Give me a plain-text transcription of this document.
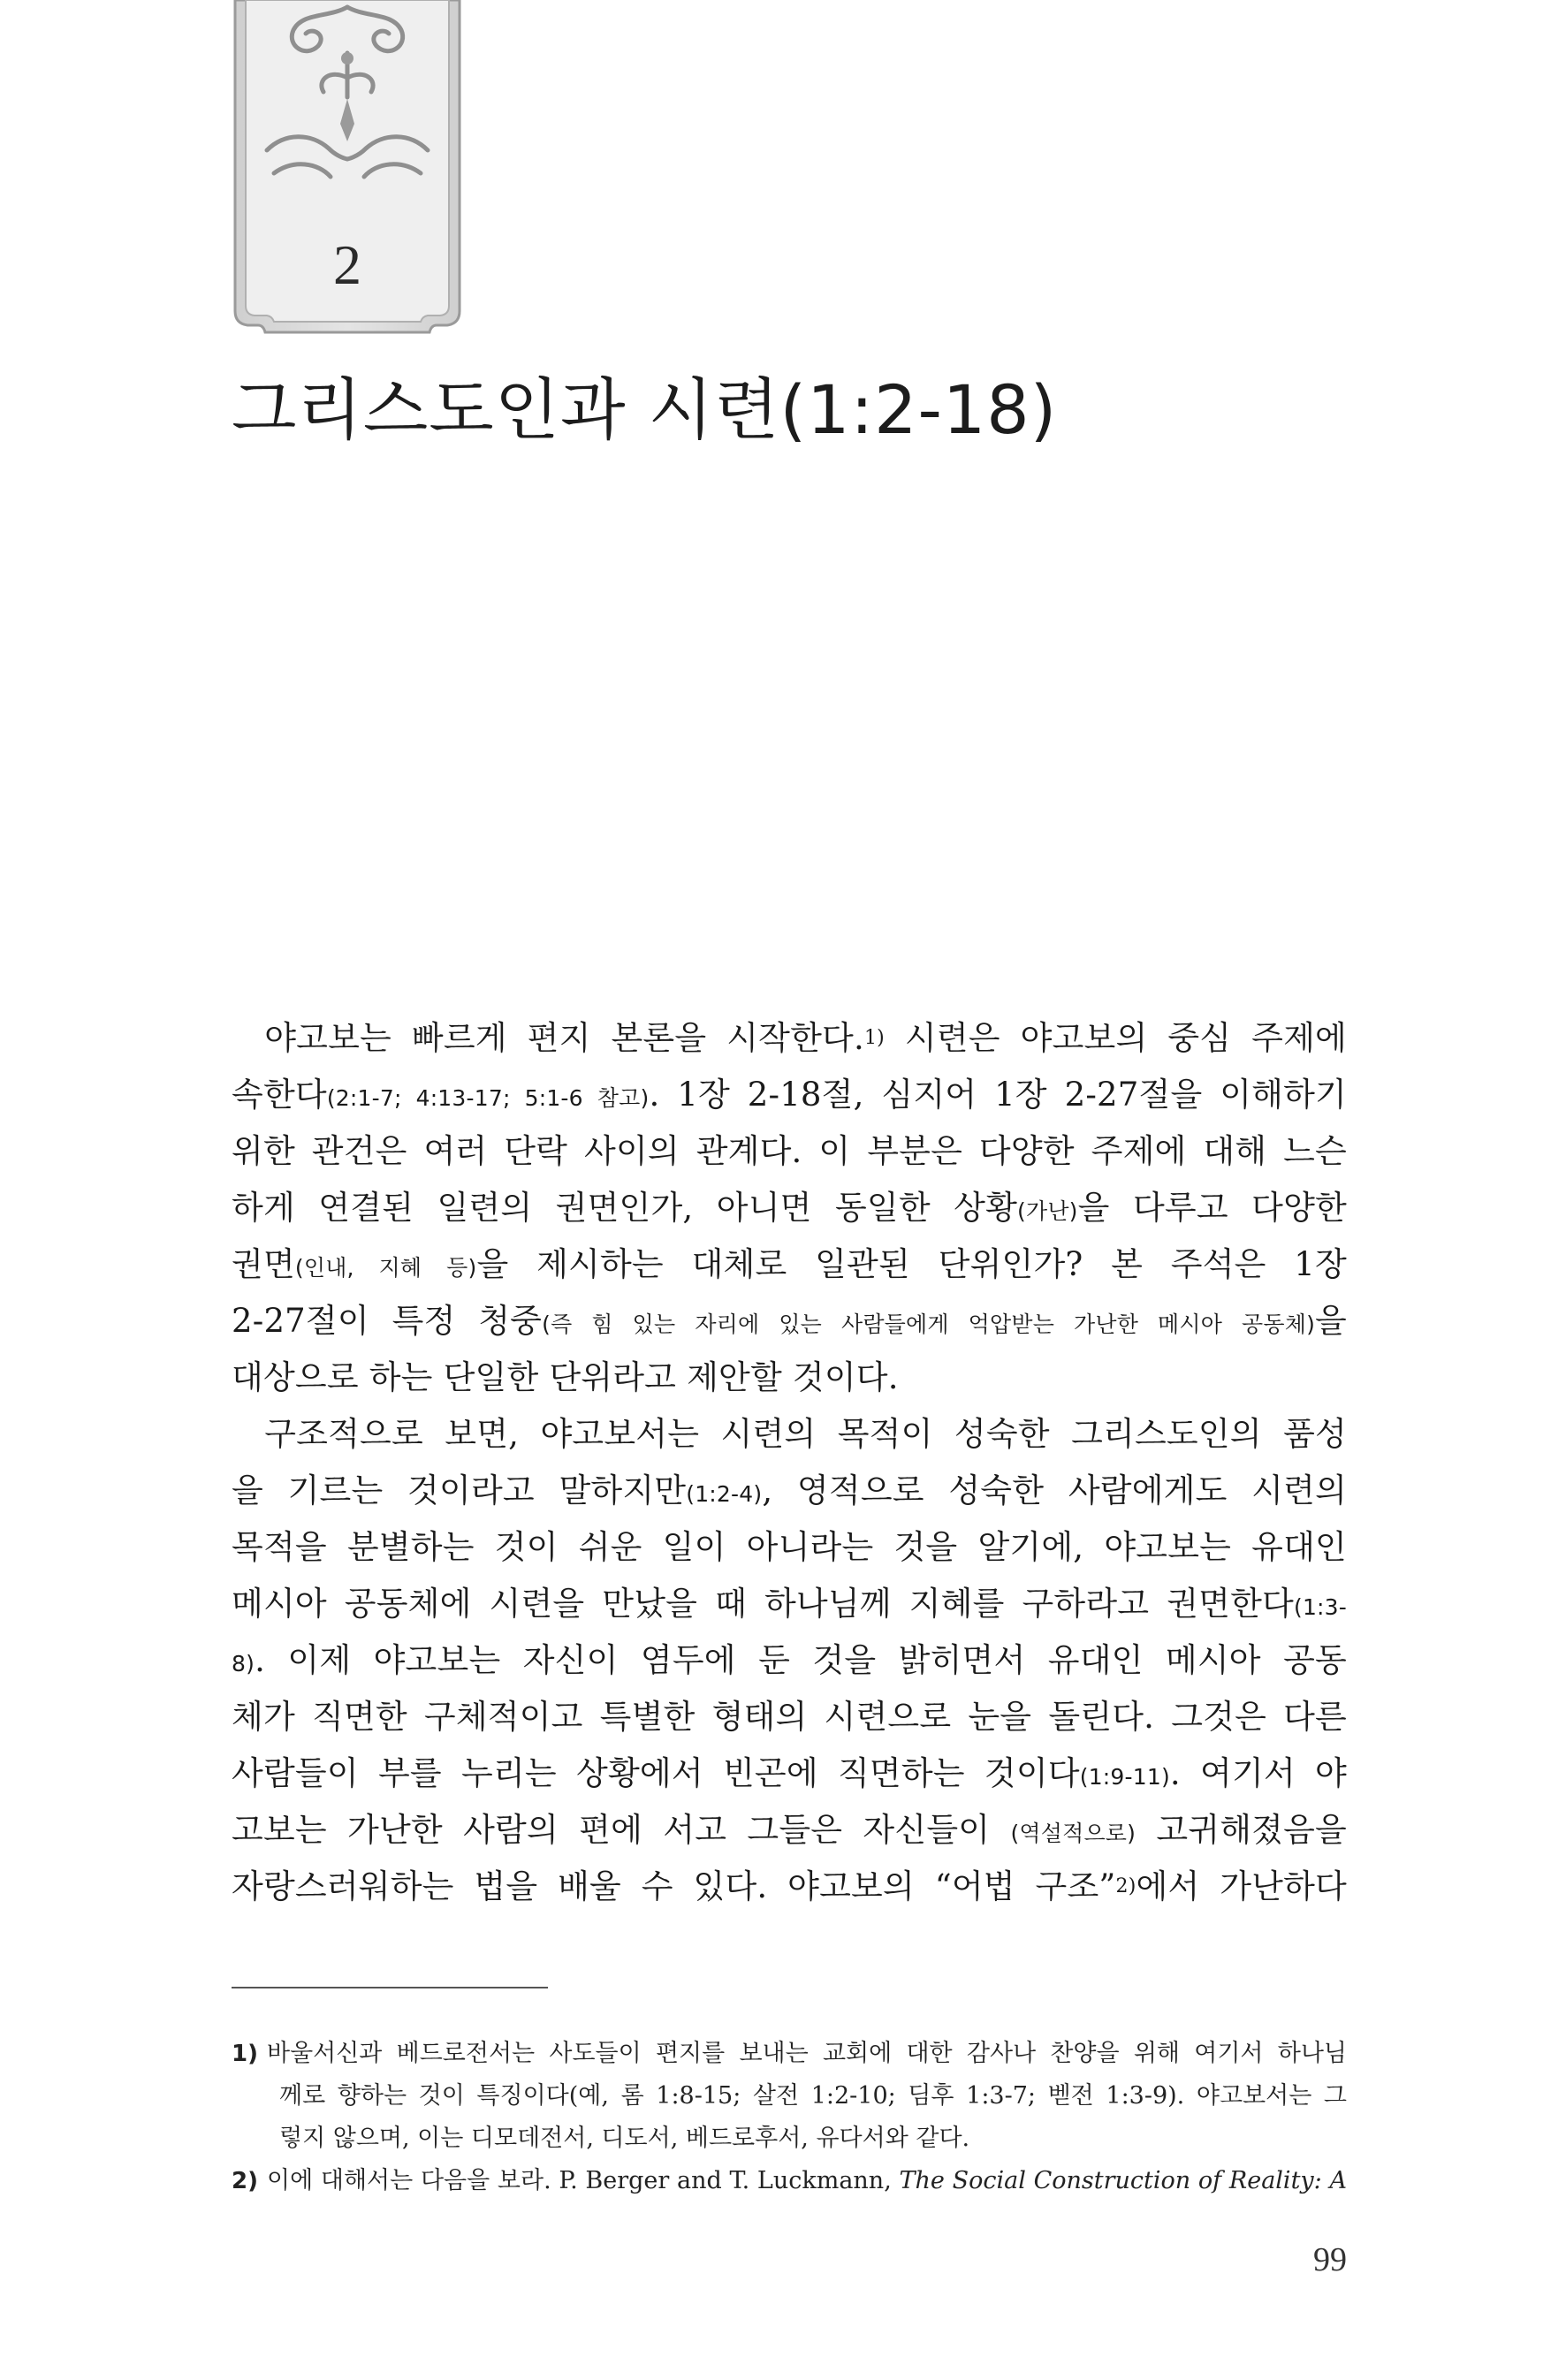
2
그리스도인과 시련(1:2-18)
 야고보는 빠르게 편지 본론을 시작한다.$^{1)}$ 시련은 야고보의 중심 주제에
속한다(2:1-7; 4:13-17; 5:1-6 참고). 1장 2-18절, 심지어 1장 2-27절을 이해하기
위한 관건은 여러 단락 사이의 관계다. 이 부분은 다양한 주제에 대해 느슨
하게 연결된 일련의 권면인가, 아니면 동일한 상황(가난)을 다루고 다양한
권면(인내, 지혜 등)을 제시하는 대체로 일관된 단위인가? 본 주석은 1장
2-27절이 특정 청중(즉 힘 있는 자리에 있는 사람들에게 억압받는 가난한 메시아 공동체)을
대상으로 하는 단일한 단위라고 제안할 것이다.
 구조적으로 보면, 야고보서는 시련의 목적이 성숙한 그리스도인의 품성
을 기르는 것이라고 말하지만(1:2-4), 영적으로 성숙한 사람에게도 시련의
목적을 분별하는 것이 쉬운 일이 아니라는 것을 알기에, 야고보는 유대인
메시아 공동체에 시련을 만났을 때 하나님께 지혜를 구하라고 권면한다(1:3-
8). 이제 야고보는 자신이 염두에 둔 것을 밝히면서 유대인 메시아 공동
체가 직면한 구체적이고 특별한 형태의 시련으로 눈을 돌린다. 그것은 다른
사람들이 부를 누리는 상황에서 빈곤에 직면하는 것이다(1:9-11). 여기서 야
고보는 가난한 사람의 편에 서고 그들은 자신들이 (역설적으로) 고귀해졌음을
자랑스러워하는 법을 배울 수 있다. 야고보의 “어법 구조”$^{2)}$에서 가난하다
1) 바울서신과 베드로전서는 사도들이 편지를 보내는 교회에 대한 감사나 찬양을 위해 여기서 하나님
께로 향하는 것이 특징이다(예, 롬 1:8-15; 살전 1:2-10; 딤후 1:3-7; 벧전 1:3-9). 야고보서는 그
렇지 않으며, 이는 디모데전서, 디도서, 베드로후서, 유다서와 같다.
2) 이에 대해서는 다음을 보라. P. Berger and T. Luckmann, The Social Construction of Reality: A
99
